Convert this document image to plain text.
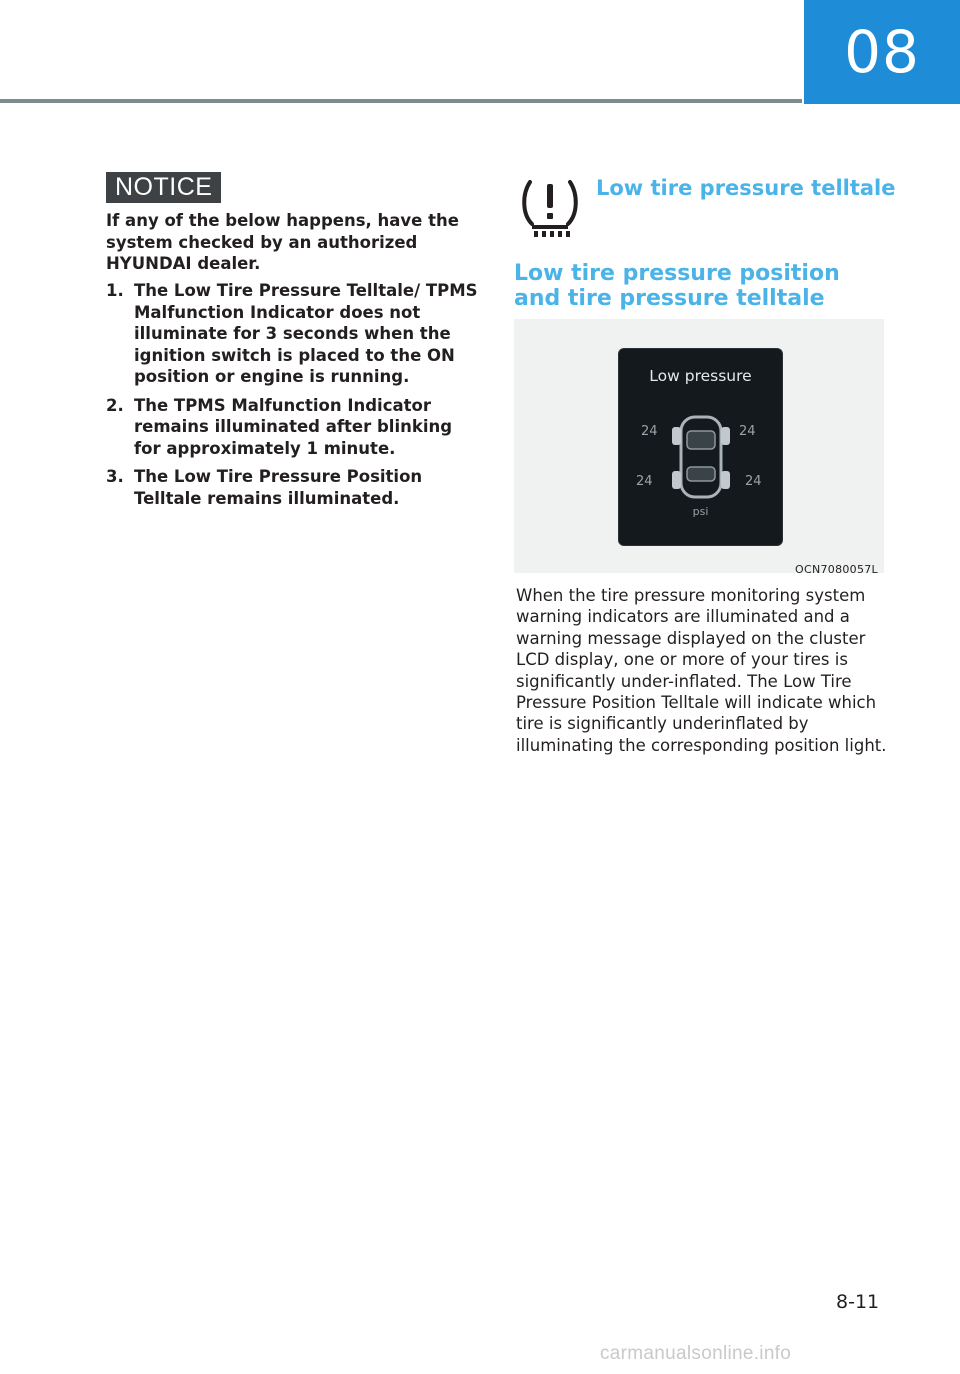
08
NOTICE

If any of the below happens, have the system checked by an authorized HYUNDAI dealer.

1. The Low Tire Pressure Telltale/ TPMS Malfunction Indicator does not illuminate for 3 seconds when the ignition switch is placed to the ON position or engine is running.
2. The TPMS Malfunction Indicator remains illuminated after blinking for approximately 1 minute.
3. The Low Tire Pressure Position Telltale remains illuminated.
Low tire pressure telltale
Low tire pressure position and tire pressure telltale
Low pressure
24	24
24	24
psi
OCN7080057L

When the tire pressure monitoring system warning indicators are illuminated and a warning message displayed on the cluster LCD display, one or more of your tires is significantly under-inflated. The Low Tire Pressure Position Telltale will indicate which tire is significantly underinflated by illuminating the corresponding position light.

8-11
carmanualsonline.info
